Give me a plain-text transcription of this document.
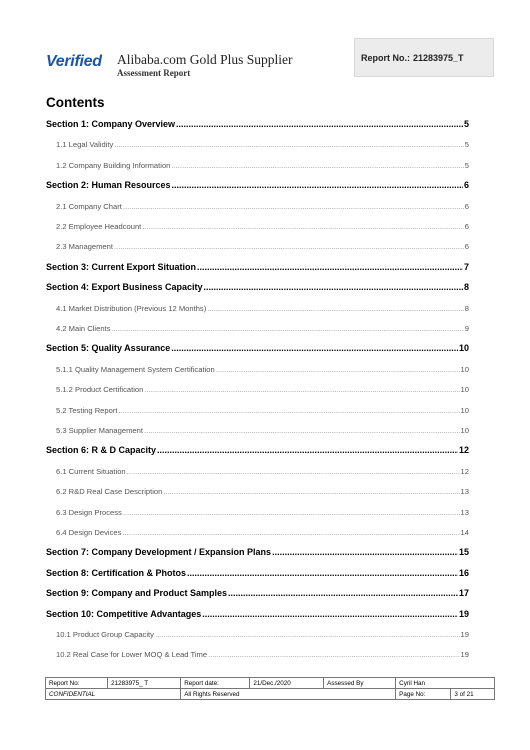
Verified Alibaba.com Gold Plus Supplier
Assessment Report
Report No.: 21283975_T
Contents
Section 1: Company Overview .....	5
1.1 Legal Validity .....	5
1.2 Company Building Information .....	5
Section 2: Human Resources .....	6
2.1 Company Chart .....	6
2.2 Employee Headcount .....	6
2.3 Management .....	6
Section 3: Current Export Situation .....	7
Section 4: Export Business Capacity .....	8
4.1 Market Distribution (Previous 12 Months) .....	8
4.2 Main Clients .....	9
Section 5: Quality Assurance .....	10
5.1.1 Quality Management System Certification .....	10
5.1.2 Product Certification .....	10
5.2 Testing Report .....	10
5.3 Supplier Management .....	10
Section 6: R & D Capacity .....	12
6.1 Current Situation .....	12
6.2 R&D Real Case Description .....	13
6.3 Design Process .....	13
6.4 Design Devices .....	14
Section 7: Company Development / Expansion Plans .....	15
Section 8: Certification & Photos .....	16
Section 9: Company and Product Samples .....	17
Section 10: Competitive Advantages .....	19
10.1 Product Group Capacity .....	19
10.2 Real Case for Lower MOQ & Lead Time .....	19
Report No:	21283975_ T	Report date:	21/Dec./2020	Assessed By	Cyril Han	
CONFIDENTIAL		All Rights Reserved			Page No:	3 of 21
